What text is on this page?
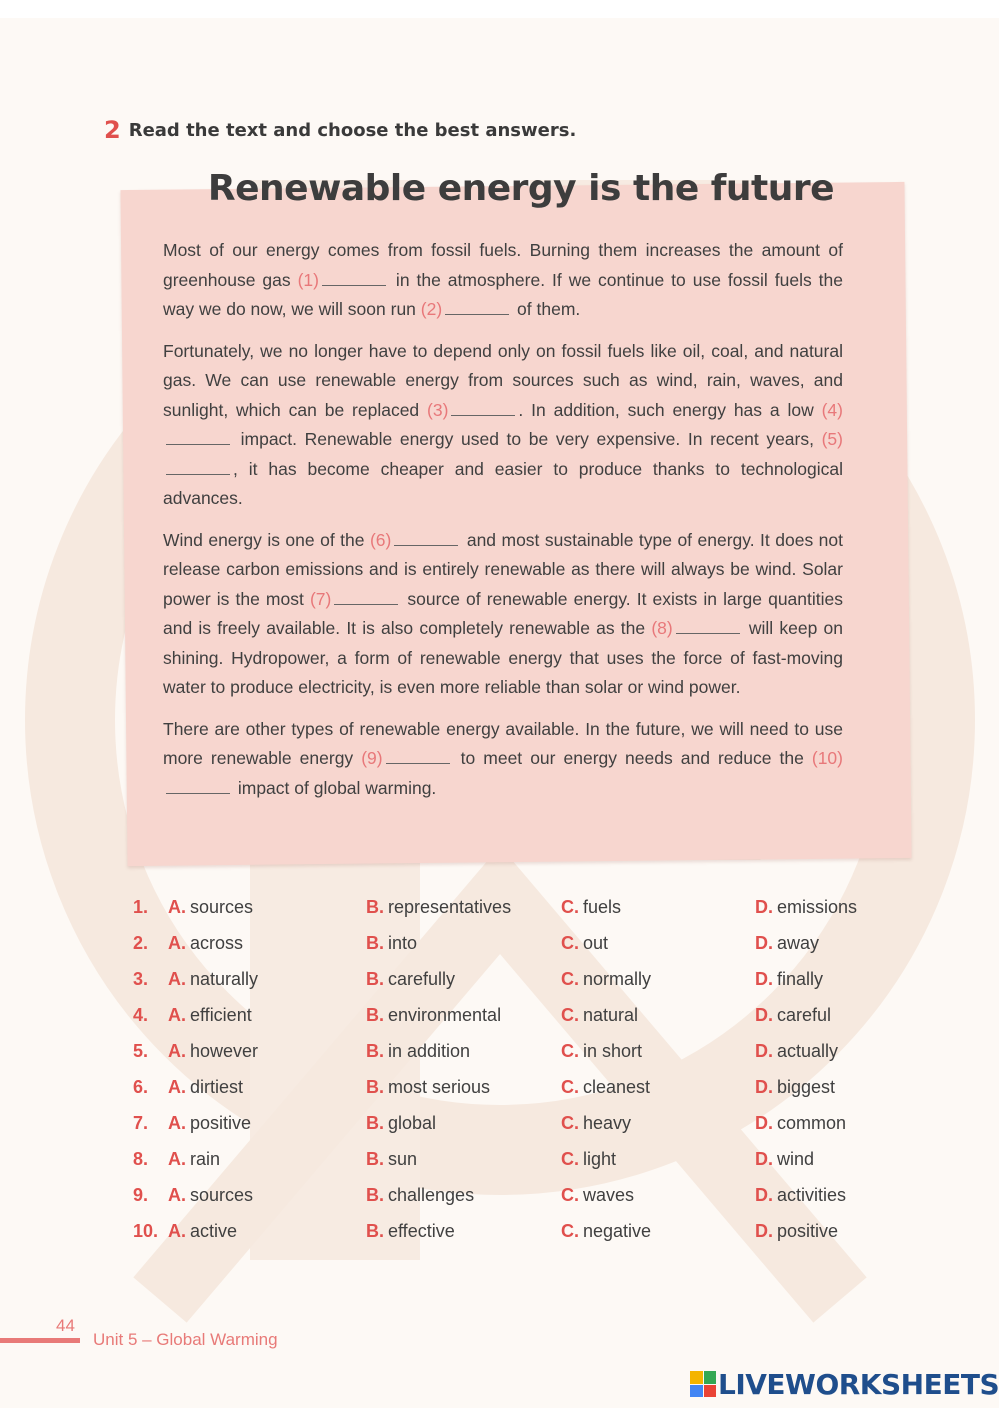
2 Read the text and choose the best answers.
Renewable energy is the future

Most of our energy comes from fossil fuels. Burning them increases the amount of greenhouse gas (1)	in the atmosphere. If we continue to use fossil fuels the way we do now, we will soon run (2)	of them.

Fortunately, we no longer have to depend only on fossil fuels like oil, coal, and natural gas. We can use renewable energy from sources such as wind, rain, waves, and sunlight, which can be replaced (3)	. In addition, such energy has a low (4) impact. Renewable energy used to be very expensive. In recent years, (5), it has become cheaper and easier to produce thanks to technological advances.

Wind energy is one of the (6)	and most sustainable type of energy. It does not release carbon emissions and is entirely renewable as there will always be wind. Solar power is the most (7)	source of renewable energy. It exists in large quantities and is freely available. It is also completely renewable as the (8)	will keep on shining. Hydropower, a form of renewable energy that uses the force of fast-moving water to produce electricity, is even more reliable than solar or wind power.

There are other types of renewable energy available. In the future, we will need to use more renewable energy (9)	to meet our energy needs and reduce the (10) impact of global warming.

1. A. sources	B. representatives	C. fuels	D. emissions
2. A. across	B. into	C. out	D. away
3. A. naturally	B. carefully	C. normally	D. finally
4. A. efficient	B. environmental	C. natural	D. careful
5. A. however	B. in addition	C. in short	D. actually
6. A. dirtiest	B. most serious	C. cleanest	D. biggest
7. A. positive	B. global	C. heavy	D. common
8. A. rain	B. sun	C. light	D. wind
9. A. sources	B. challenges	C. waves	D. activities
10. A. active	B. effective	C. negative	D. positive
44
Unit 5 – Global Warming
LIVEWORKSHEETS
